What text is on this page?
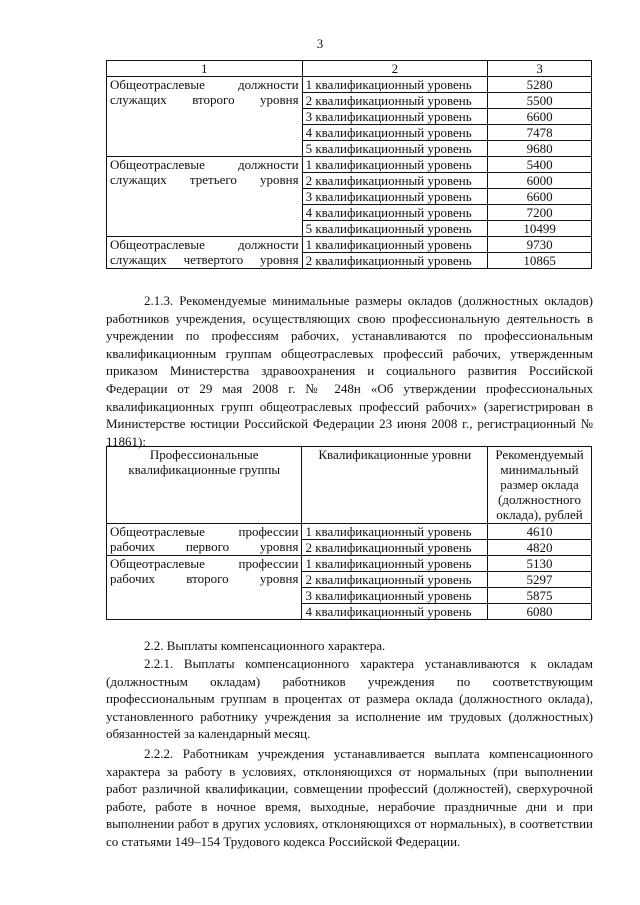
3
1	2	3
Общеотраслевые должности служащих второго уровня	1 квалификационный уровень	5280
	2 квалификационный уровень	5500
	3 квалификационный уровень	6600
	4 квалификационный уровень	7478
	5 квалификационный уровень	9680
Общеотраслевые должности служащих третьего уровня	1 квалификационный уровень	5400
	2 квалификационный уровень	6000
	3 квалификационный уровень	6600
	4 квалификационный уровень	7200
	5 квалификационный уровень	10499
Общеотраслевые должности служащих четвертого уровня	1 квалификационный уровень	9730
	2 квалификационный уровень	10865
2.1.3. Рекомендуемые минимальные размеры окладов (должностных окладов) работников учреждения, осуществляющих свою профессиональную деятельность в учреждении по профессиям рабочих, устанавливаются по профессиональным квалификационным группам общеотраслевых профессий рабочих, утвержденным приказом Министерства здравоохранения и социального развития Российской Федерации от 29 мая 2008 г. № 248н «Об утверждении профессиональных квалификационных групп общеотраслевых профессий рабочих» (зарегистрирован в Министерстве юстиции Российской Федерации 23 июня 2008 г., регистрационный № 11861):
Профессиональные квалификационные группы	Квалификационные уровни	Рекомендуемый минимальный размер оклада (должностного оклада), рублей
Общеотраслевые профессии рабочих первого уровня	1 квалификационный уровень	4610
	2 квалификационный уровень	4820
Общеотраслевые профессии рабочих второго уровня	1 квалификационный уровень	5130
	2 квалификационный уровень	5297
	3 квалификационный уровень	5875
	4 квалификационный уровень	6080
2.2. Выплаты компенсационного характера.
2.2.1. Выплаты компенсационного характера устанавливаются к окладам (должностным окладам) работников учреждения по соответствующим профессиональным группам в процентах от размера оклада (должностного оклада), установленного работнику учреждения за исполнение им трудовых (должностных) обязанностей за календарный месяц.
2.2.2. Работникам учреждения устанавливается выплата компенсационного характера за работу в условиях, отклоняющихся от нормальных (при выполнении работ различной квалификации, совмещении профессий (должностей), сверхурочной работе, работе в ночное время, выходные, нерабочие праздничные дни и при выполнении работ в других условиях, отклоняющихся от нормальных), в соответствии со статьями 149–154 Трудового кодекса Российской Федерации.
